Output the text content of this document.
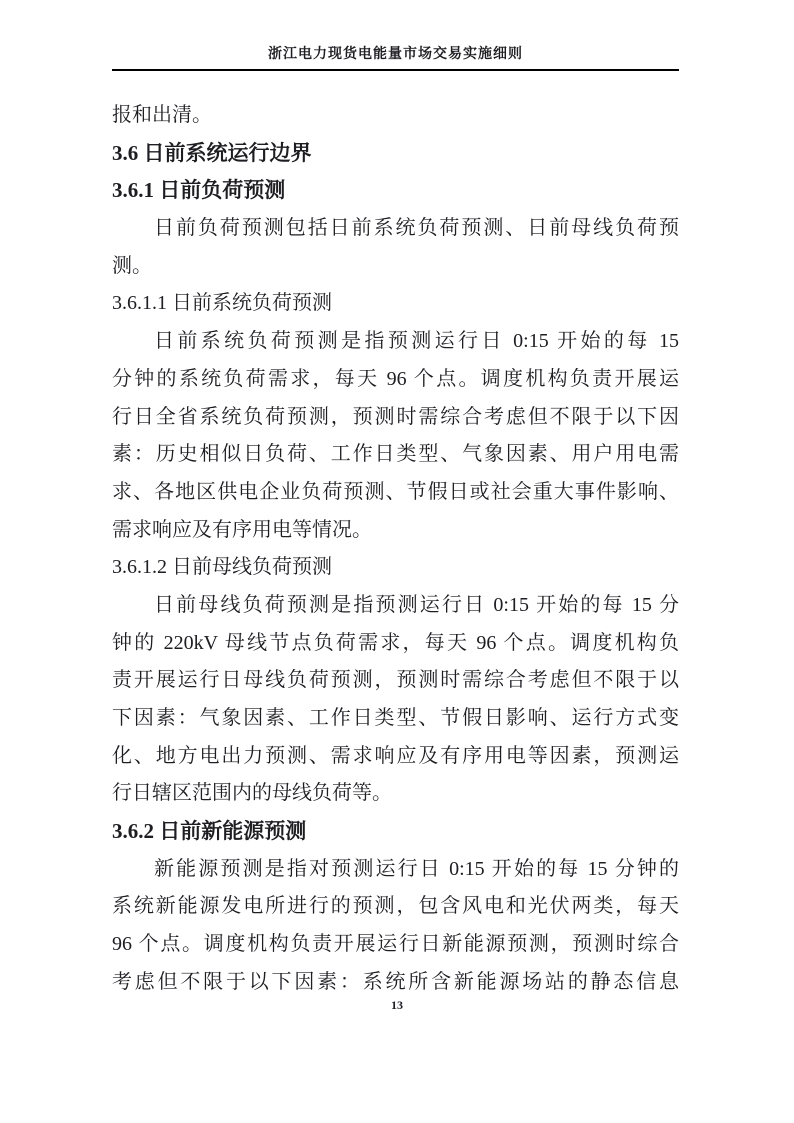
浙江电力现货电能量市场交易实施细则
报和出清。
3.6 日前系统运行边界
3.6.1 日前负荷预测
日前负荷预测包括日前系统负荷预测、日前母线负荷预
测。
3.6.1.1 日前系统负荷预测
日前系统负荷预测是指预测运行日 0:15 开始的每 15
分钟的系统负荷需求，每天 96 个点。调度机构负责开展运
行日全省系统负荷预测，预测时需综合考虑但不限于以下因
素：历史相似日负荷、工作日类型、气象因素、用户用电需
求、各地区供电企业负荷预测、节假日或社会重大事件影响、
需求响应及有序用电等情况。
3.6.1.2 日前母线负荷预测
日前母线负荷预测是指预测运行日 0:15 开始的每 15 分
钟的 220kV 母线节点负荷需求，每天 96 个点。调度机构负
责开展运行日母线负荷预测，预测时需综合考虑但不限于以
下因素：气象因素、工作日类型、节假日影响、运行方式变
化、地方电出力预测、需求响应及有序用电等因素，预测运
行日辖区范围内的母线负荷等。
3.6.2 日前新能源预测
新能源预测是指对预测运行日 0:15 开始的每 15 分钟的
系统新能源发电所进行的预测，包含风电和光伏两类，每天
96 个点。调度机构负责开展运行日新能源预测，预测时综合
考虑但不限于以下因素：系统所含新能源场站的静态信息
13
